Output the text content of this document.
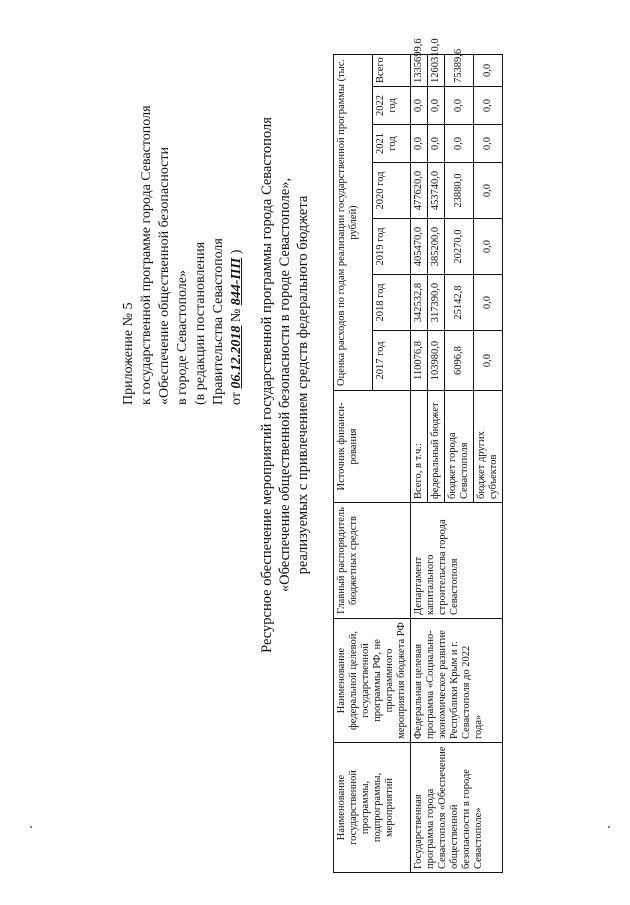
Приложение № 5 к государственной программе города Севастополя «Обеспечение общественной безопасности в городе Севастополе» (в редакции постановления Правительства Севастополя от 06.12.2018 № 844-ПП ) Ресурсное обеспечение мероприятий государственной программы города Севастополя «Обеспечение общественной безопасности в городе Севастополе», реализуемых с привлечением средств федерального бюджета
Наименование государственной программы, подпрограммы, мероприятий	Наименование федеральной целевой, государственной программы РФ, не программного мероприятия бюджета РФ	Главный распорядитель бюджетных средств	Источник финанси-рования	Оценка расходов по годам реализации государственной программы (тыс. рублей)						
				2017 год	2018 год	2019 год	2020 год	2021 год	2022 год	Всего
Государственная программа города Севастополя «Обеспечение общественной безопасности в городе Севастополе»	Федеральная целевая программа «Социально-экономическое развитие Республики Крым и г. Севастополя до 2022 года»	Департамент капитального строительства города Севастополя	Всего, в т.ч.:	110076,8	342532,8	405470,0	477620,0	0,0	0,0	1335699,6
			федеральный бюджет	103980,0	317390,0	385200,0	453740,0	0,0	0,0	1260310,0
			бюджет города Севастополя	6096,8	25142,8	20270,0	23880,0	0,0	0,0	75389,6
			бюджет других субъектов	0,0	0,0	0,0	0,0	0,0	0,0	0,0
